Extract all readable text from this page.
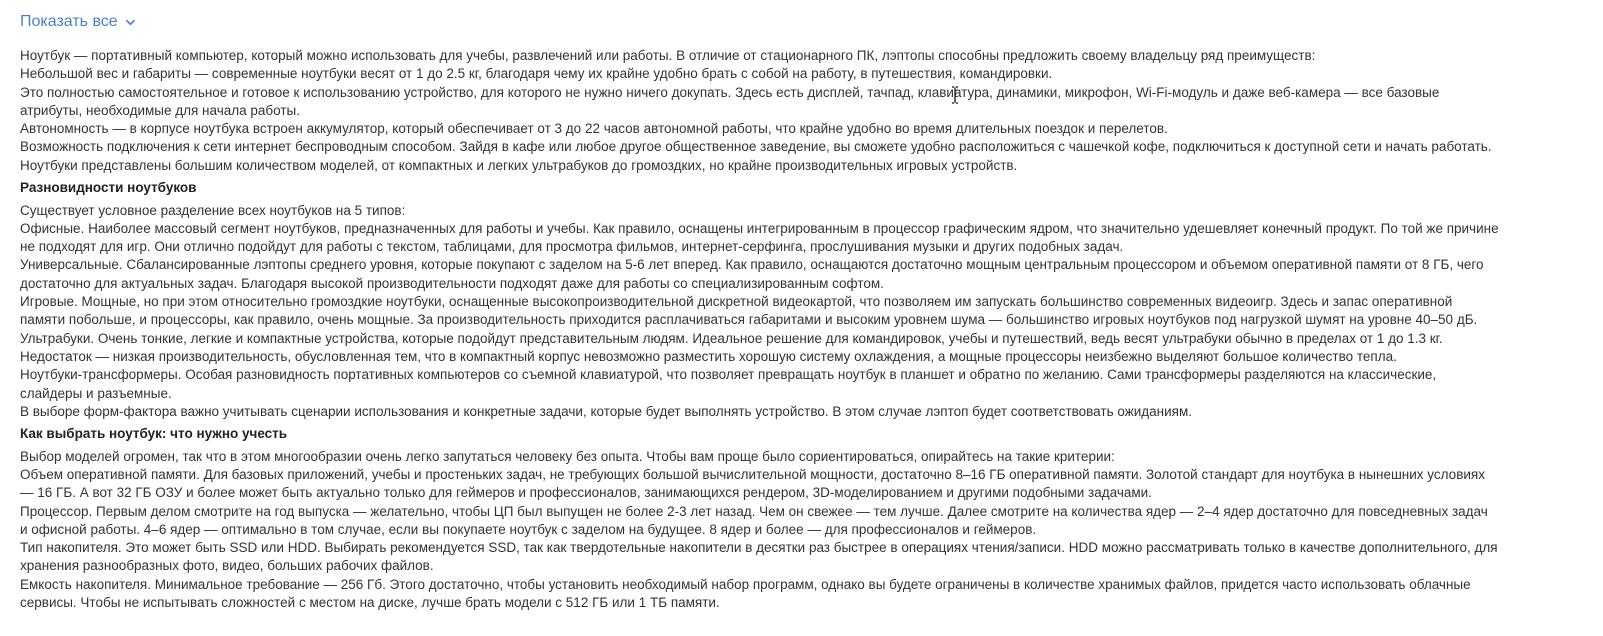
Показать все

Ноутбук — портативный компьютер, который можно использовать для учебы, развлечений или работы. В отличие от стационарного ПК, лэптопы способны предложить своему владельцу ряд преимуществ:

Небольшой вес и габариты — современные ноутбуки весят от 1 до 2.5 кг, благодаря чему их крайне удобно брать с собой на работу, в путешествия, командировки.

Это полностью самостоятельное и готовое к использованию устройство, для которого не нужно ничего докупать. Здесь есть дисплей, тачпад, клавиатура, динамики, микрофон, Wi-Fi-модуль и даже веб-камера — все базовые

атрибуты, необходимые для начала работы.

Автономность — в корпусе ноутбука встроен аккумулятор, который обеспечивает от 3 до 22 часов автономной работы, что крайне удобно во время длительных поездок и перелетов.

Возможность подключения к сети интернет беспроводным способом. Зайдя в кафе или любое другое общественное заведение, вы сможете удобно расположиться с чашечкой кофе, подключиться к доступной сети и начать работать.

Ноутбуки представлены большим количеством моделей, от компактных и легких ультрабуков до громоздких, но крайне производительных игровых устройств.

Разновидности ноутбуков

Существует условное разделение всех ноутбуков на 5 типов:

Офисные. Наиболее массовый сегмент ноутбуков, предназначенных для работы и учебы. Как правило, оснащены интегрированным в процессор графическим ядром, что значительно удешевляет конечный продукт. По той же причине

не подходят для игр. Они отлично подойдут для работы с текстом, таблицами, для просмотра фильмов, интернет-серфинга, прослушивания музыки и других подобных задач.

Универсальные. Сбалансированные лэптопы среднего уровня, которые покупают с заделом на 5-6 лет вперед. Как правило, оснащаются достаточно мощным центральным процессором и объемом оперативной памяти от 8 ГБ, чего

достаточно для актуальных задач. Благодаря высокой производительности подходят даже для работы со специализированным софтом.

Игровые. Мощные, но при этом относительно громоздкие ноутбуки, оснащенные высокопроизводительной дискретной видеокартой, что позволяем им запускать большинство современных видеоигр. Здесь и запас оперативной

памяти побольше, и процессоры, как правило, очень мощные. За производительность приходится расплачиваться габаритами и высоким уровнем шума — большинство игровых ноутбуков под нагрузкой шумят на уровне 40–50 дБ.

Ультрабуки. Очень тонкие, легкие и компактные устройства, которые подойдут представительным людям. Идеальное решение для командировок, учебы и путешествий, ведь весят ультрабуки обычно в пределах от 1 до 1.3 кг.

Недостаток — низкая производительность, обусловленная тем, что в компактный корпус невозможно разместить хорошую систему охлаждения, а мощные процессоры неизбежно выделяют большое количество тепла.

Ноутбуки-трансформеры. Особая разновидность портативных компьютеров со съемной клавиатурой, что позволяет превращать ноутбук в планшет и обратно по желанию. Сами трансформеры разделяются на классические,

слайдеры и разъемные.

В выборе форм-фактора важно учитывать сценарии использования и конкретные задачи, которые будет выполнять устройство. В этом случае лэптоп будет соответствовать ожиданиям.

Как выбрать ноутбук: что нужно учесть

Выбор моделей огромен, так что в этом многообразии очень легко запутаться человеку без опыта. Чтобы вам проще было сориентироваться, опирайтесь на такие критерии:

Объем оперативной памяти. Для базовых приложений, учебы и простеньких задач, не требующих большой вычислительной мощности, достаточно 8–16 ГБ оперативной памяти. Золотой стандарт для ноутбука в нынешних условиях

— 16 ГБ. А вот 32 ГБ ОЗУ и более может быть актуально только для геймеров и профессионалов, занимающихся рендером, 3D-моделированием и другими подобными задачами.

Процессор. Первым делом смотрите на год выпуска — желательно, чтобы ЦП был выпущен не более 2-3 лет назад. Чем он свежее — тем лучше. Далее смотрите на количества ядер — 2–4 ядер достаточно для повседневных задач

и офисной работы. 4–6 ядер — оптимально в том случае, если вы покупаете ноутбук с заделом на будущее. 8 ядер и более — для профессионалов и геймеров.

Тип накопителя. Это может быть SSD или HDD. Выбирать рекомендуется SSD, так как твердотельные накопители в десятки раз быстрее в операциях чтения/записи. HDD можно рассматривать только в качестве дополнительного, для

хранения разнообразных фото, видео, больших рабочих файлов.

Емкость накопителя. Минимальное требование — 256 Гб. Этого достаточно, чтобы установить необходимый набор программ, однако вы будете ограничены в количестве хранимых файлов, придется часто использовать облачные

сервисы. Чтобы не испытывать сложностей с местом на диске, лучше брать модели с 512 ГБ или 1 ТБ памяти.
